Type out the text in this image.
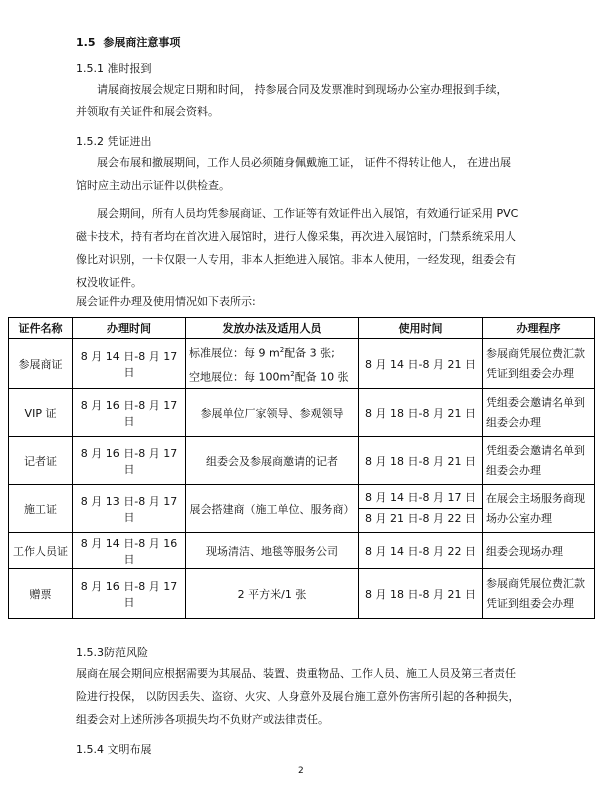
1.5 参展商注意事项
1.5.1 准时报到
请展商按展会规定日期和时间， 持参展合同及发票准时到现场办公室办理报到手续，
并领取有关证件和展会资料。
1.5.2 凭证进出
展会布展和撤展期间，工作人员必须随身佩戴施工证， 证件不得转让他人， 在进出展
馆时应主动出示证件以供检查。
展会期间，所有人员均凭参展商证、工作证等有效证件出入展馆，有效通行证采用 PVC
磁卡技术，持有者均在首次进入展馆时，进行人像采集，再次进入展馆时，门禁系统采用人
像比对识别，一卡仅限一人专用，非本人拒绝进入展馆。非本人使用，一经发现，组委会有
权没收证件。
展会证件办理及使用情况如下表所示:
证件名称	办理时间	发放办法及适用人员	使用时间	办理程序
参展商证	8 月 14 日-8 月 17 日	标准展位：每 9 $m^2$配备 3 张;
空地展位：每 $100m^2$配备 10 张	8 月 14 日-8 月 21 日	参展商凭展位费汇款
凭证到组委会办理

VIP 证	8 月 16 日-8 月 17 日	参展单位厂家领导、参观领导	8 月 18 日-8 月 21 日	凭组委会邀请名单到
组委会办理

记者证	8 月 16 日-8 月 17 日	组委会及参展商邀请的记者	8 月 18 日-8 月 21 日	凭组委会邀请名单到
组委会办理

施工证	8 月 13 日-8 月 17 日	展会搭建商（施工单位、服务商）	8 月 14 日-8 月 17 日
8 月 21 日-8 月 22 日	在展会主场服务商现
场办公室办理

工作人员证	8 月 14 日-8 月 16 日	现场清洁、地毯等服务公司	8 月 14 日-8 月 22 日	组委会现场办理
赠票	8 月 16 日-8 月 17 日	2 平方米/1 张	8 月 18 日-8 月 21 日	参展商凭展位费汇款
凭证到组委会办理
1.5.3防范风险
展商在展会期间应根据需要为其展品、装置、贵重物品、工作人员、施工人员及第三者责任
险进行投保， 以防因丢失、盗窃、火灾、人身意外及展台施工意外伤害所引起的各种损失，
组委会对上述所涉各项损失均不负财产或法律责任。
1.5.4 文明布展
2
